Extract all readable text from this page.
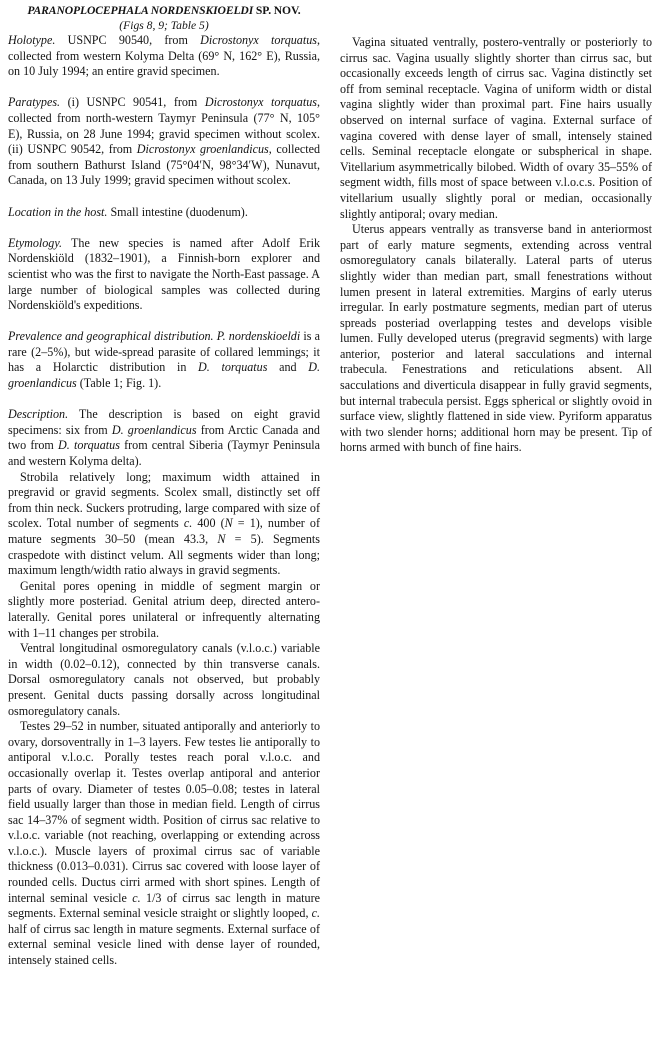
PARANOPLOCEPHALA NORDENSKIOELDI SP. NOV.
(Figs 8, 9; Table 5)

Holotype. USNPC 90540, from Dicrostonyx torquatus, collected from western Kolyma Delta (69° N, 162° E), Russia, on 10 July 1994; an entire gravid specimen.

Paratypes. (i) USNPC 90541, from Dicrostonyx torquatus, collected from north-western Taymyr Peninsula (77° N, 105° E), Russia, on 28 June 1994; gravid specimen without scolex. (ii) USNPC 90542, from Dicrostonyx groenlandicus, collected from southern Bathurst Island (75°04′N, 98°34′W), Nunavut, Canada, on 13 July 1999; gravid specimen without scolex.

Location in the host. Small intestine (duodenum).

Etymology. The new species is named after Adolf Erik Nordenskiöld (1832–1901), a Finnish-born explorer and scientist who was the first to navigate the North-East passage. A large number of biological samples was collected during Nordenskiöld's expeditions.

Prevalence and geographical distribution. P. nordenskioeldi is a rare (2–5%), but wide-spread parasite of collared lemmings; it has a Holarctic distribution in D. torquatus and D. groenlandicus (Table 1; Fig. 1).

Description. The description is based on eight gravid specimens: six from D. groenlandicus from Arctic Canada and two from D. torquatus from central Siberia (Taymyr Peninsula and western Kolyma delta).

Strobila relatively long; maximum width attained in pregravid or gravid segments. Scolex small, distinctly set off from thin neck. Suckers protruding, large compared with size of scolex. Total number of segments c. 400 (N = 1), number of mature segments 30–50 (mean 43.3, N = 5). Segments craspedote with distinct velum. All segments wider than long; maximum length/width ratio always in gravid segments.

Genital pores opening in middle of segment margin or slightly more posteriad. Genital atrium deep, directed antero-laterally. Genital pores unilateral or infrequently alternating with 1–11 changes per strobila.

Ventral longitudinal osmoregulatory canals (v.l.o.c.) variable in width (0.02–0.12), connected by thin transverse canals. Dorsal osmoregulatory canals not observed, but probably present. Genital ducts passing dorsally across longitudinal osmoregulatory canals.

Testes 29–52 in number, situated antiporally and anteriorly to ovary, dorsoventrally in 1–3 layers. Few testes lie antiporally to antiporal v.l.o.c. Porally testes reach poral v.l.o.c. and occasionally overlap it. Testes overlap antiporal and anterior parts of ovary. Diameter of testes 0.05–0.08; testes in lateral field usually larger than those in median field. Length of cirrus sac 14–37% of segment width. Position of cirrus sac relative to v.l.o.c. variable (not reaching, overlapping or extending across v.l.o.c.). Muscle layers of proximal cirrus sac of variable thickness (0.013–0.031). Cirrus sac covered with loose layer of rounded cells. Ductus cirri armed with short spines. Length of internal seminal vesicle c. 1/3 of cirrus sac length in mature segments. External seminal vesicle straight or slightly looped, c. half of cirrus sac length in mature segments. External surface of external seminal vesicle lined with dense layer of rounded, intensely stained cells.

Vagina situated ventrally, postero-ventrally or posteriorly to cirrus sac. Vagina usually slightly shorter than cirrus sac, but occasionally exceeds length of cirrus sac. Vagina distinctly set off from seminal receptacle. Vagina of uniform width or distal vagina slightly wider than proximal part. Fine hairs usually observed on internal surface of vagina. External surface of vagina covered with dense layer of small, intensely stained cells. Seminal receptacle elongate or subspherical in shape. Vitellarium asymmetrically bilobed. Width of ovary 35–55% of segment width, fills most of space between v.l.o.c.s. Position of vitellarium usually slightly poral or median, occasionally slightly antiporal; ovary median.

Uterus appears ventrally as transverse band in anteriormost part of early mature segments, extending across ventral osmoregulatory canals bilaterally. Lateral parts of uterus slightly wider than median part, small fenestrations without lumen present in lateral extremities. Margins of early uterus irregular. In early postmature segments, median part of uterus spreads posteriad overlapping testes and develops visible lumen. Fully developed uterus (pregravid segments) with large anterior, posterior and lateral sacculations and internal trabecula. Fenestrations and reticulations absent. All sacculations and diverticula disappear in fully gravid segments, but internal trabecula persist. Eggs spherical or slightly ovoid in surface view, slightly flattened in side view. Pyriform apparatus with two slender horns; additional horn may be present. Tip of horns armed with bunch of fine hairs.
